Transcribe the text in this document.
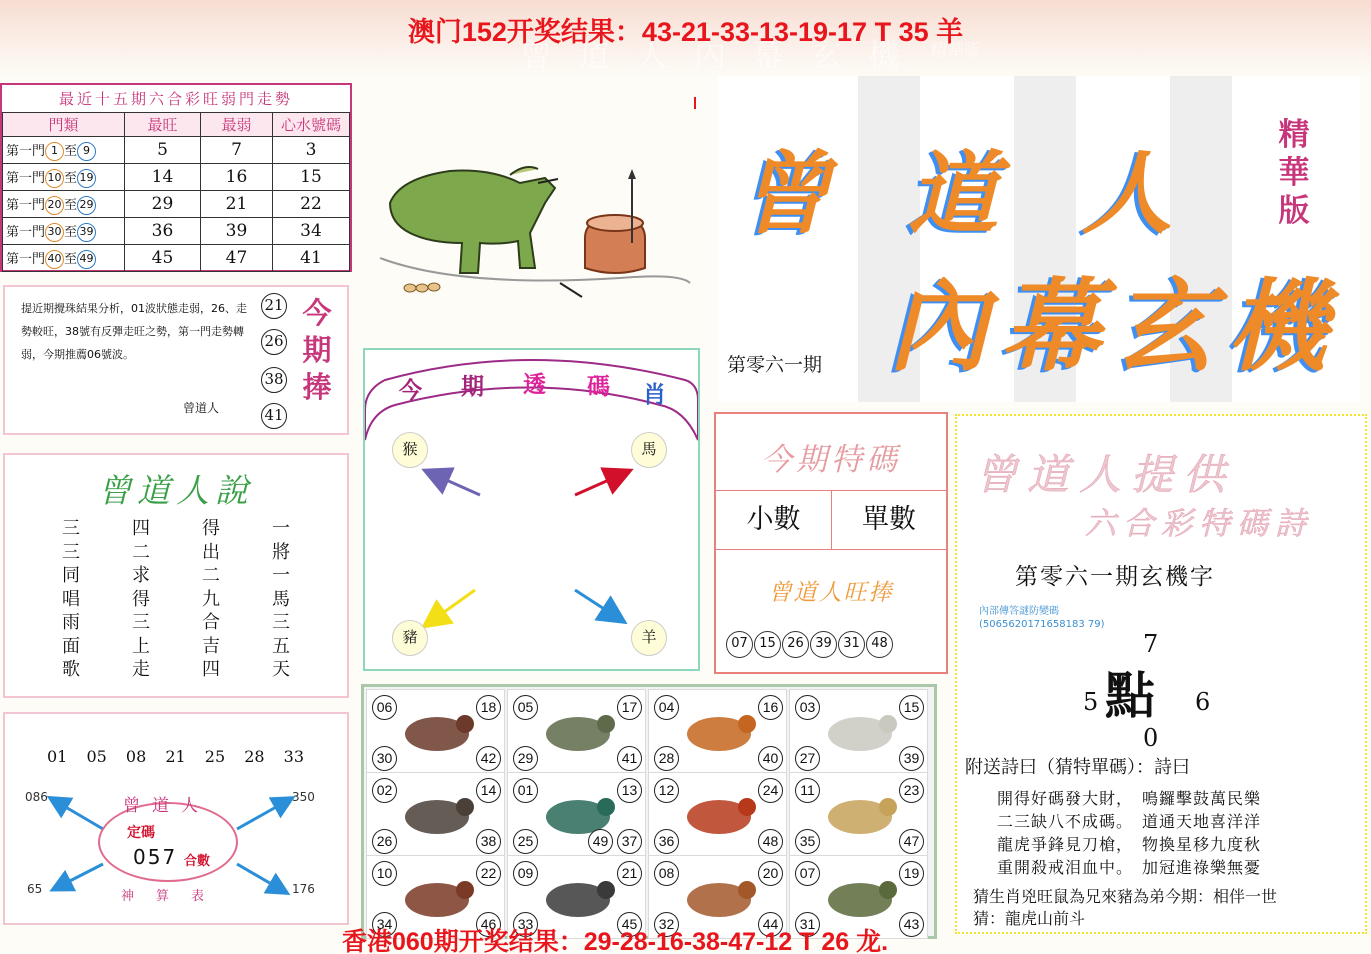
曾道人內幕玄機 精華版
澳门152开奖结果：43-21-33-13-19-17 T 35 羊
最近十五期六合彩旺弱門走勢
門類	最旺	最弱	心水號碼
第一門 1 至 9	5	7	3
第一門 10 至 19	14	16	15
第一門 20 至 29	29	21	22
第一門 30 至 39	36	39	34
第一門 40 至 49	45	47	41
提近期攪珠結果分析，01波狀態走弱，26、走勢較旺，38號有反彈走旺之勢，第一門走勢轉弱，今期推薦06號波。
曾道人
21
26
38
41
今期捧
曾道人說
三三同唱雨面歌
四二求得三上走
得出二九合吉四
一將一馬三五天
01 05 08 21 25 28 33
曾道人
定碼
057 合數
神算表
086	350
65	176
今 期 透 碼 肖
猴	馬
豬	羊
今期特碼
小數	單數
曾道人旺捧
07 15 26 39 31 48
曾 道 人
內 幕 玄 機
精華版
第零六一期
曾道人提供
六合彩特碼詩
第零六一期玄機字
內部傳答謎防變碼
(5065620171658183 79)
7
5 點 6
0
附送詩曰（猜特單碼）：詩曰
開得好碼發大財，　鳴鑼擊鼓萬民樂
二三缺八不成碼。　道通天地喜洋洋
龍虎爭鋒見刀槍，　物換星移九度秋
重開殺戒泪血中。　加冠進祿樂無憂
猜生肖兇旺鼠為兄來豬為弟今期：相伴一世
猜：龍虎山前斗
06	18
30	42
05	17
29	41
04	16
28	40
03	15
27	39
02	14
26	38
01	13
25	37
49
12	24
36	48
11	23
35	47
10	22
34	46
09	21
33	45
08	20
32	44
07	19
31	43
香港060期开奖结果：29-28-16-38-47-12 T 26 龙.
